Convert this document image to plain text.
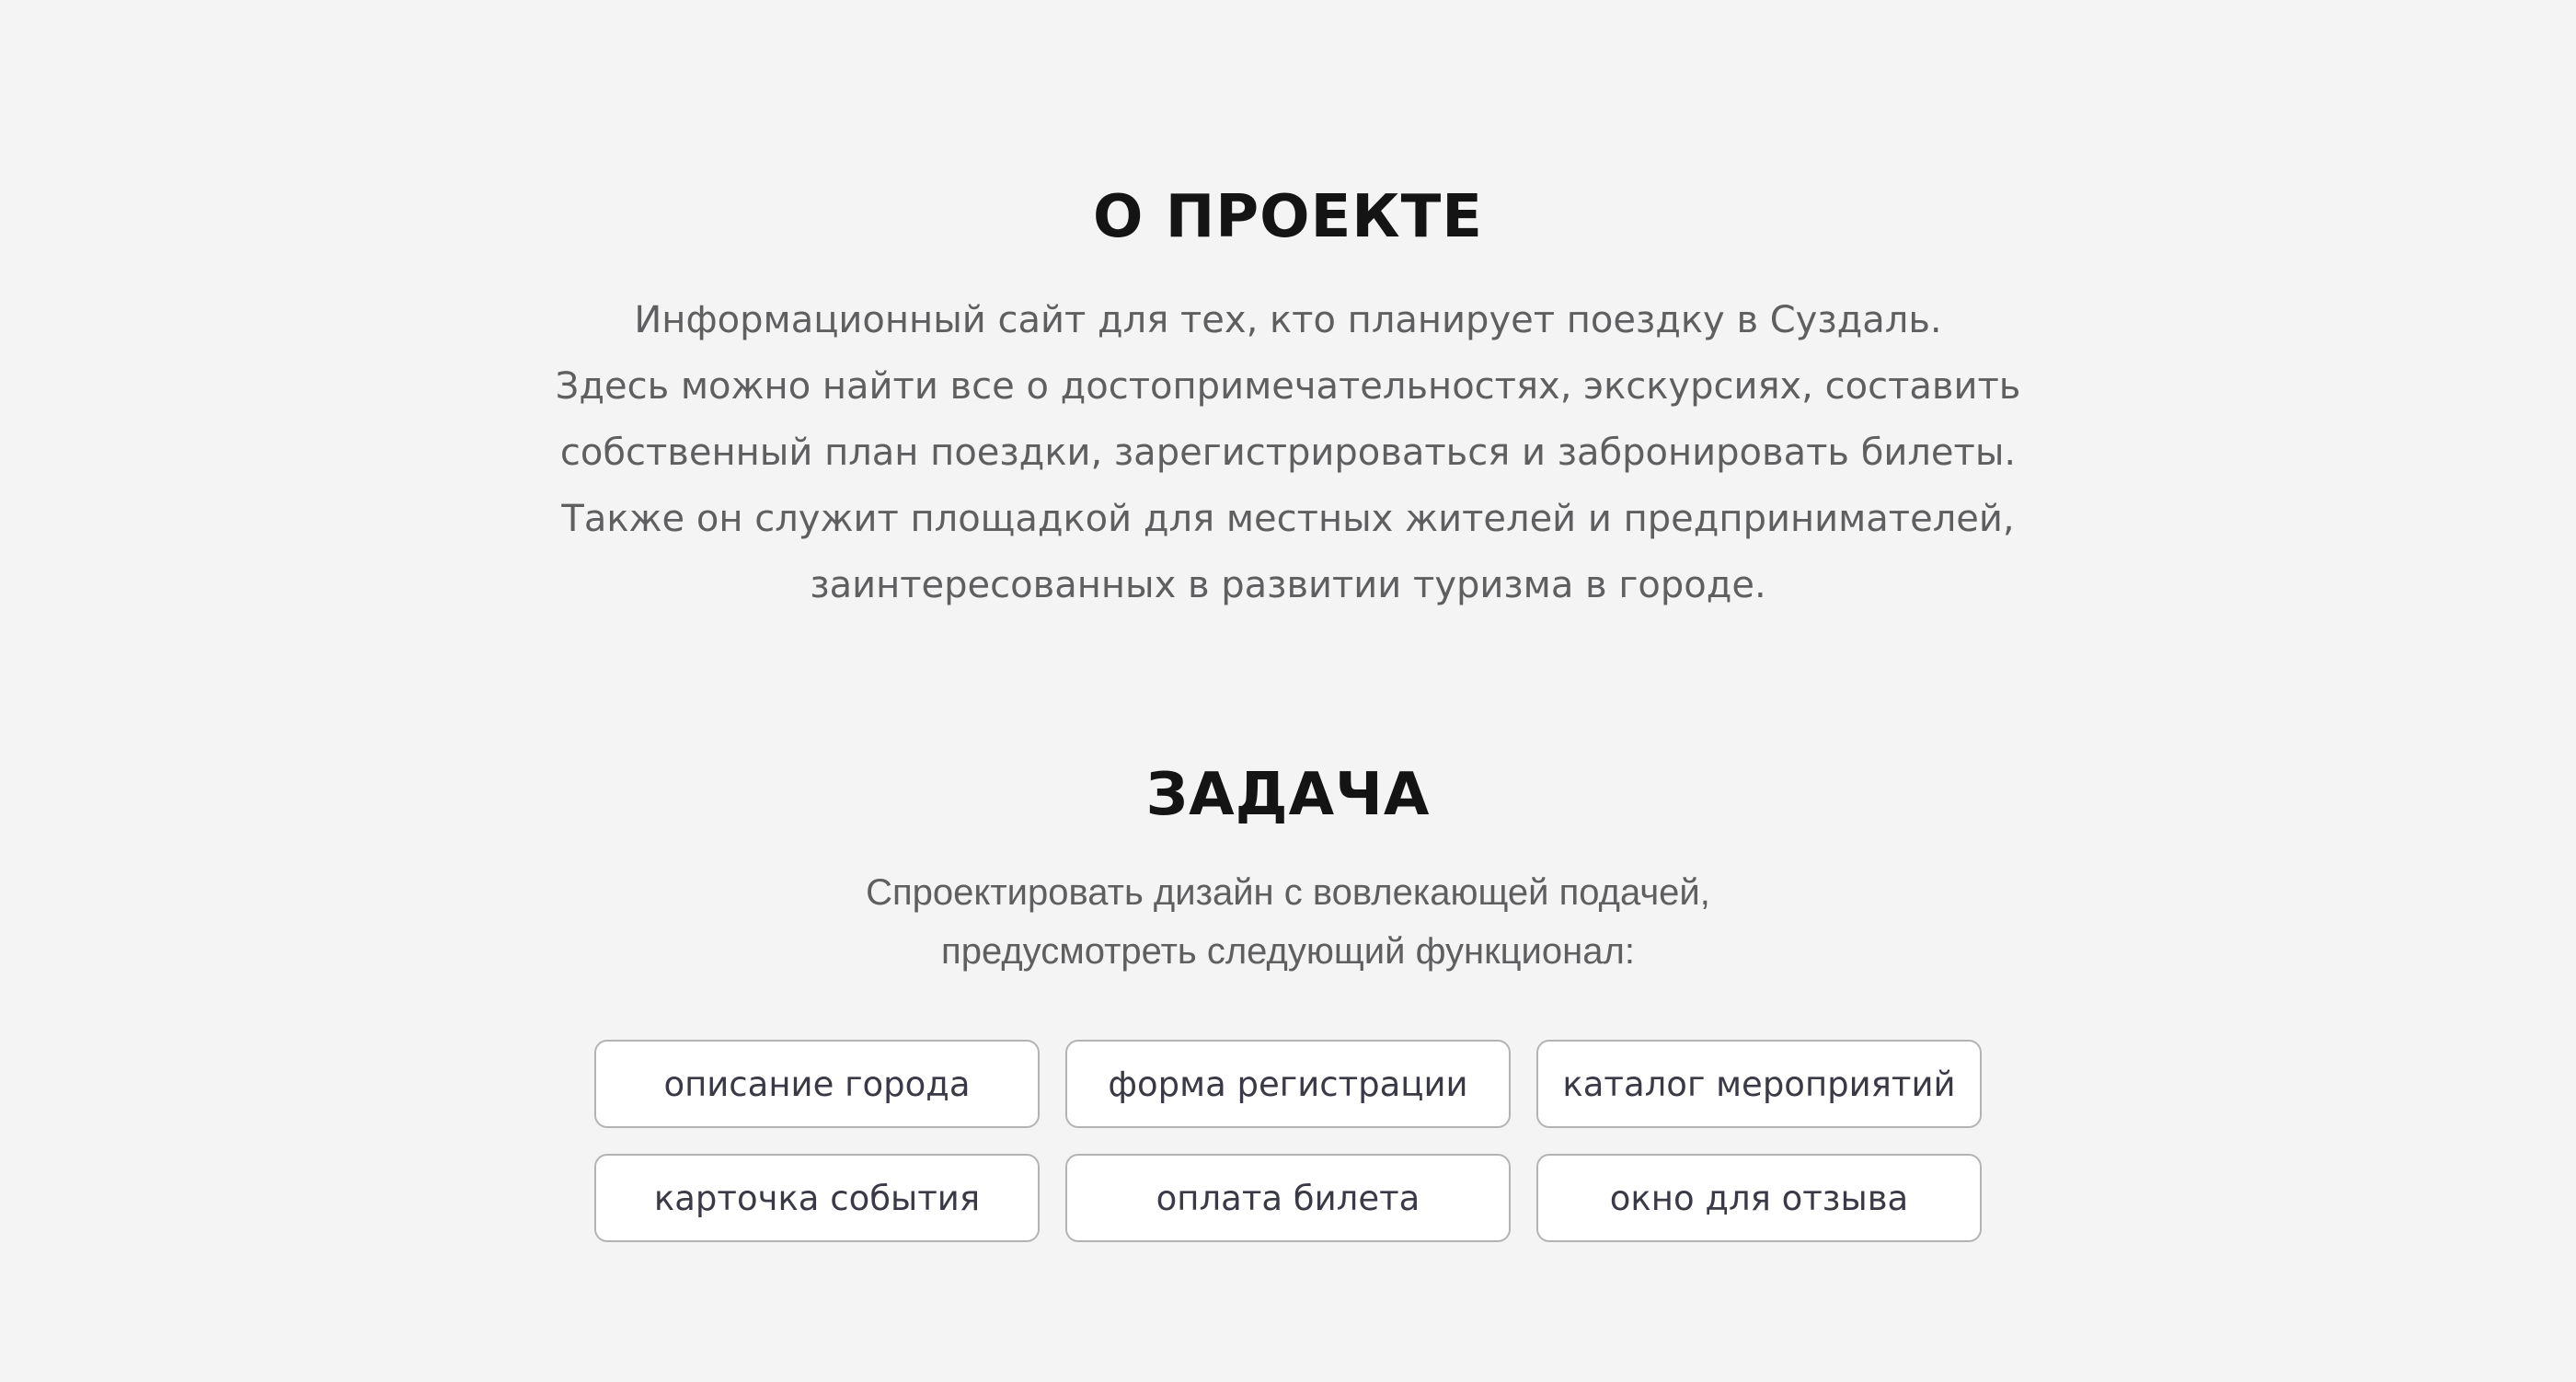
О ПРОЕКТЕ

Информационный сайт для тех, кто планирует поездку в Суздаль.
Здесь можно найти все о достопримечательностях, экскурсиях, составить
собственный план поездки, зарегистрироваться и забронировать билеты.
Также он служит площадкой для местных жителей и предпринимателей,
заинтересованных в развитии туризма в городе.

ЗАДАЧА

Спроектировать дизайн с вовлекающей подачей,
предусмотреть следующий функционал:

описание города	форма регистрации	каталог мероприятий
карточка события	оплата билета	окно для отзыва
